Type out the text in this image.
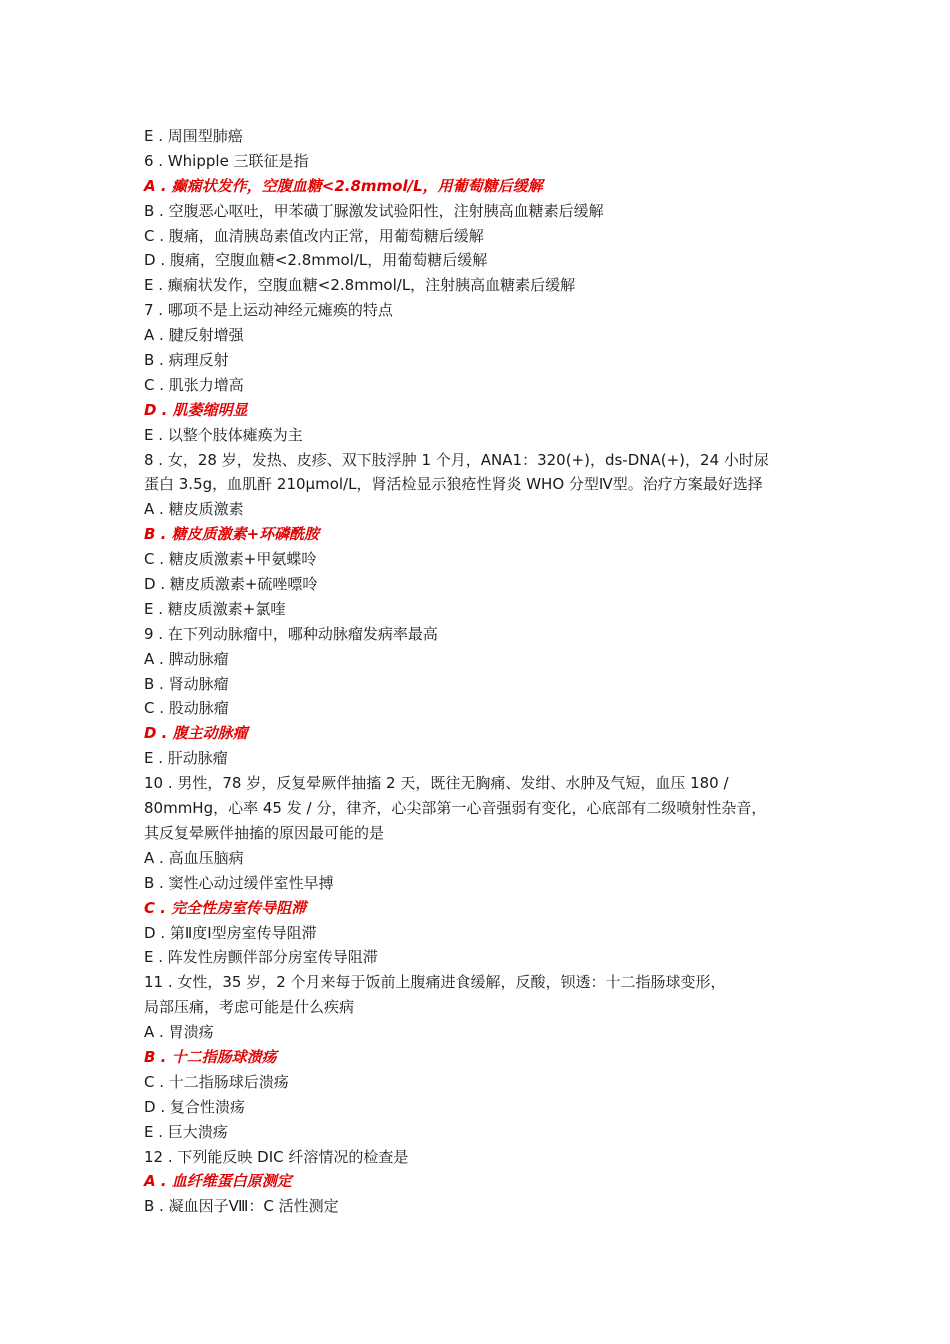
E . 周围型肺癌
6 . Whipple 三联征是指
A . 癫痫状发作，空腹血糖<2.8mmol/L，用葡萄糖后缓解
B . 空腹恶心呕吐，甲苯磺丁脲激发试验阳性，注射胰高血糖素后缓解
C . 腹痛，血清胰岛素值改内正常，用葡萄糖后缓解
D . 腹痛，空腹血糖<2.8mmol/L，用葡萄糖后缓解
E . 癫痫状发作，空腹血糖<2.8mmol/L，注射胰高血糖素后缓解
7 . 哪项不是上运动神经元瘫痪的特点
A . 腱反射增强
B . 病理反射
C . 肌张力增高
D . 肌萎缩明显
E . 以整个肢体瘫痪为主
8 . 女，28 岁，发热、皮疹、双下肢浮肿 1 个月，ANA1：320(+)，ds-DNA(+)，24 小时尿
蛋白 3.5g，血肌酐 210μmol/L，肾活检显示狼疮性肾炎 WHO 分型Ⅳ型。治疗方案最好选择
A . 糖皮质激素
B . 糖皮质激素+环磷酰胺
C . 糖皮质激素+甲氨蝶呤
D . 糖皮质激素+硫唑嘌呤
E . 糖皮质激素+氯喹
9 . 在下列动脉瘤中，哪种动脉瘤发病率最高
A . 脾动脉瘤
B . 肾动脉瘤
C . 股动脉瘤
D . 腹主动脉瘤
E . 肝动脉瘤
10 . 男性，78 岁，反复晕厥伴抽搐 2 天，既往无胸痛、发绀、水肿及气短，血压 180 /
80mmHg，心率 45 发 / 分，律齐，心尖部第一心音强弱有变化，心底部有二级喷射性杂音，
其反复晕厥伴抽搐的原因最可能的是
A . 高血压脑病
B . 窦性心动过缓伴室性早搏
C . 完全性房室传导阻滞
D . 第Ⅱ度Ⅰ型房室传导阻滞
E . 阵发性房颤伴部分房室传导阻滞
11 . 女性，35 岁，2 个月来每于饭前上腹痛进食缓解，反酸，钡透：十二指肠球变形，
局部压痛，考虑可能是什么疾病
A . 胃溃疡
B . 十二指肠球溃疡
C . 十二指肠球后溃疡
D . 复合性溃疡
E . 巨大溃疡
12 . 下列能反映 DIC 纤溶情况的检查是
A . 血纤维蛋白原测定
B . 凝血因子Ⅷ：C 活性测定
